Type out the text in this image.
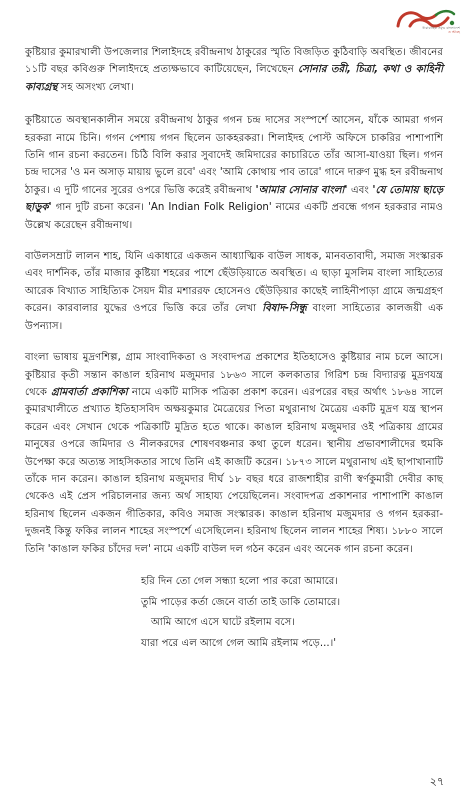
ধারাবাহিক সমৃদ্ধ বাংলাদেশ
ও আবহ

কুষ্টিয়ার কুমারখালী উপজেলার শিলাইদহে রবীন্দ্রনাথ ঠাকুরের স্মৃতি বিজড়িত কুঠিবাড়ি অবস্থিত। জীবনের ১১টি বছর কবিগুরু শিলাইদহে প্রত্যক্ষভাবে কাটিয়েছেন, লিখেছেন সোনার তরী, চিত্রা, কথা ও কাহিনী কাব্যগ্রন্থ সহ অসংখ্য লেখা।

কুষ্টিয়াতে অবস্থানকালীন সময়ে রবীন্দ্রনাথ ঠাকুর গগন চন্দ্র দাসের সংস্পর্শে আসেন, যাঁকে আমরা গগন হরকরা নামে চিনি। গগন পেশায় গগন ছিলেন ডাকহরকরা। শিলাইদহ পোস্ট অফিসে চাকরির পাশাপাশি তিনি গান রচনা করতেন। চিঠি বিলি করার সুবাদেই জমিদারের কাচারিতে তাঁর আসা-যাওয়া ছিল। গগন চন্দ্র দাসের 'ও মন অসাড় মায়ায় ভুলে রবে' এবং 'আমি কোথায় পাব তারে' গানে দারুণ মুগ্ধ হন রবীন্দ্রনাথ ঠাকুর। এ দুটি গানের সুরের ওপরে ভিত্তি করেই রবীন্দ্রনাথ 'আমার সোনার বাংলা' এবং 'যে তোমায় ছাড়ে ছাড়ুক' গান দুটি রচনা করেন। 'An Indian Folk Religion' নামের একটি প্রবন্ধে গগন হরকরার নামও উল্লেখ করেছেন রবীন্দ্রনাথ।

বাউলসম্রাট লালন শাহ, যিনি একাধারে একজন আধ্যাত্মিক বাউল সাধক, মানবতাবাদী, সমাজ সংস্কারক এবং দার্শনিক, তাঁর মাজার কুষ্টিয়া শহরের পাশে ছেঁউড়িয়াতে অবস্থিত। এ ছাড়া মুসলিম বাংলা সাহিত্যের আরেক বিখ্যাত সাহিত্যিক সৈয়দ মীর মশাররফ হোসেনও ছেঁউড়িয়ার কাছেই লাহিনীপাড়া গ্রামে জন্মগ্রহণ করেন। কারবালার যুদ্ধের ওপরে ভিত্তি করে তাঁর লেখা বিষাদ-সিন্ধু বাংলা সাহিত্যের কালজয়ী এক উপন্যাস।

বাংলা ভাষায় মুদ্রণশিল্প, গ্রাম সাংবাদিকতা ও সংবাদপত্র প্রকাশের ইতিহাসেও কুষ্টিয়ার নাম চলে আসে। কুষ্টিয়ার কৃতী সন্তান কাঙাল হরিনাথ মজুমদার ১৮৬৩ সালে কলকাতার গিরিশ চন্দ্র বিদ্যারত্ন মুদ্রণযন্ত্র থেকে গ্রামবার্তা প্রকাশিকা নামে একটি মাসিক পত্রিকা প্রকাশ করেন। এরপরের বছর অর্থাৎ ১৮৬৪ সালে কুমারখালীতে প্রখ্যাত ইতিহাসবিদ অক্ষয়কুমার মৈত্রেয়ের পিতা মথুরানাথ মৈত্রেয় একটি মুদ্রণ যন্ত্র স্থাপন করেন এবং সেখান থেকে পত্রিকাটি মুদ্রিত হতে থাকে। কাঙাল হরিনাথ মজুমদার ওই পত্রিকায় গ্রামের মানুষের ওপরে জমিদার ও নীলকরদের শোষণবঞ্চনার কথা তুলে ধরেন। স্থানীয় প্রভাবশালীদের হুমকি উপেক্ষা করে অত্যন্ত সাহসিকতার সাথে তিনি এই কাজটি করেন। ১৮৭৩ সালে মথুরানাথ এই ছাপাখানাটি তাঁকে দান করেন। কাঙাল হরিনাথ মজুমদার দীর্ঘ ১৮ বছর ধরে রাজশাহীর রাণী স্বর্ণকুমারী দেবীর কাছ থেকেও এই প্রেস পরিচালনার জন্য অর্থ সাহায্য পেয়েছিলেন। সংবাদপত্র প্রকাশনার পাশাপাশি কাঙাল হরিনাথ ছিলেন একজন গীতিকার, কবিও সমাজ সংস্কারক। কাঙাল হরিনাথ মজুমদার ও গগন হরকরা-দুজনই কিন্তু ফকির লালন শাহের সংস্পর্শে এসেছিলেন। হরিনাথ ছিলেন লালন শাহের শিষ্য। ১৮৮০ সালে তিনি 'কাঙাল ফকির চাঁদের দল' নামে একটি বাউল দল গঠন করেন এবং অনেক গান রচনা করেন।

হরি দিন তো গেল সন্ধ্যা হলো পার করো আমারে।
তুমি পাড়ের কর্তা জেনে বার্তা তাই ডাকি তোমারে।
আমি আগে এসে ঘাটে রইলাম বসে।
যারা পরে এল আগে গেল আমি রইলাম পড়ে...।'
২৭
